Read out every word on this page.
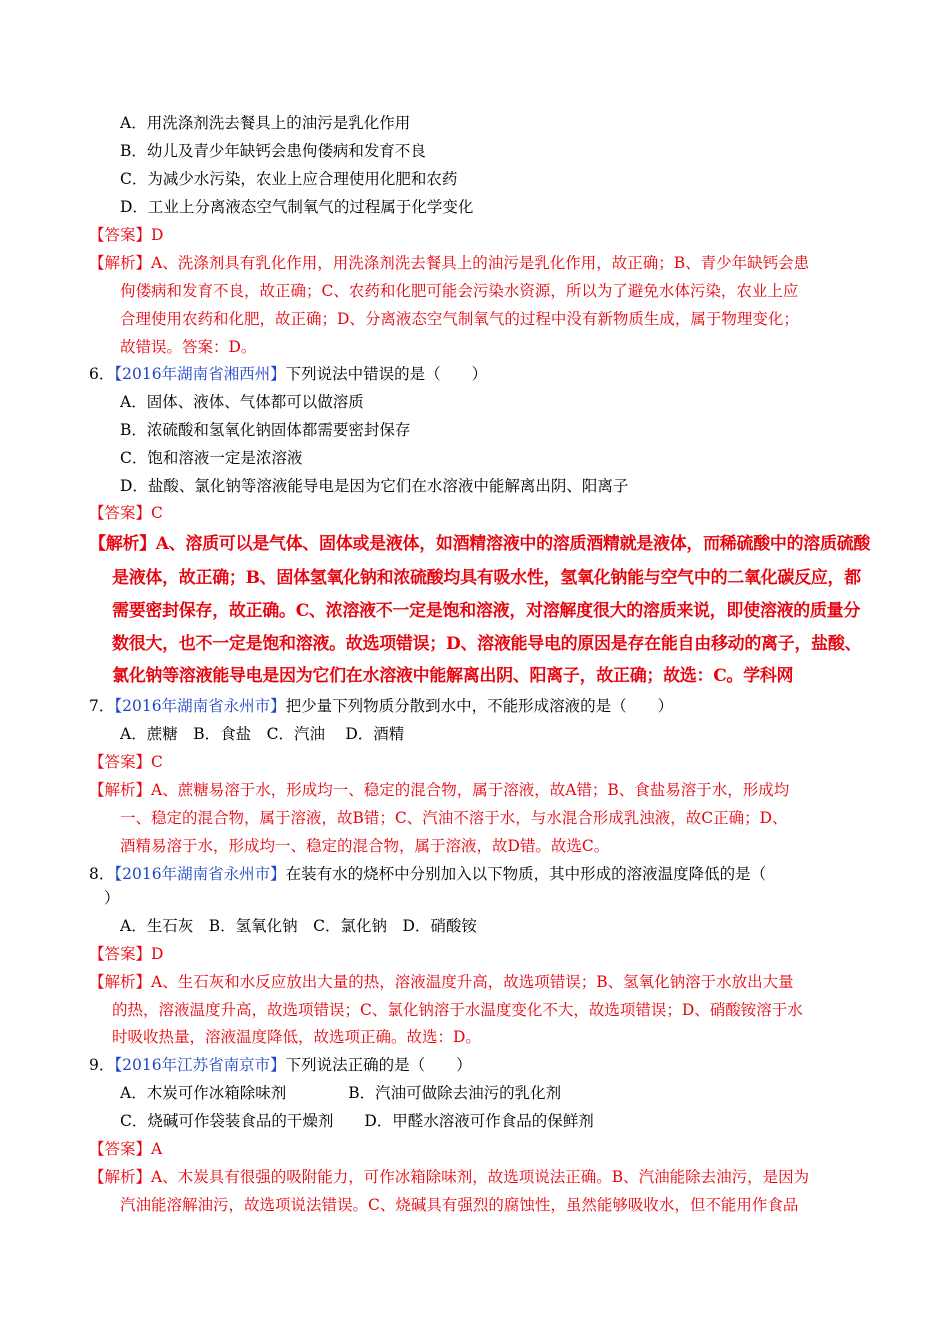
A．用洗涤剂洗去餐具上的油污是乳化作用
B．幼儿及青少年缺钙会患佝偻病和发育不良
C．为减少水污染，农业上应合理使用化肥和农药
D．工业上分离液态空气制氧气的过程属于化学变化
【答案】D
【解析】A、洗涤剂具有乳化作用，用洗涤剂洗去餐具上的油污是乳化作用，故正确；B、青少年缺钙会患
佝偻病和发育不良，故正确；C、农药和化肥可能会污染水资源，所以为了避免水体污染，农业上应
合理使用农药和化肥，故正确；D、分离液态空气制氧气的过程中没有新物质生成，属于物理变化；
故错误。答案：D。
6．【2016年湖南省湘西州】下列说法中错误的是（　　）
A．固体、液体、气体都可以做溶质
B．浓硫酸和氢氧化钠固体都需要密封保存
C．饱和溶液一定是浓溶液
D．盐酸、氯化钠等溶液能导电是因为它们在水溶液中能解离出阴、阳离子
【答案】C
【解析】A、溶质可以是气体、固体或是液体，如酒精溶液中的溶质酒精就是液体，而稀硫酸中的溶质硫酸
是液体，故正确；B、固体氢氧化钠和浓硫酸均具有吸水性，氢氧化钠能与空气中的二氧化碳反应，都
需要密封保存，故正确。C、浓溶液不一定是饱和溶液，对溶解度很大的溶质来说，即使溶液的质量分
数很大，也不一定是饱和溶液。故选项错误；D、溶液能导电的原因是存在能自由移动的离子，盐酸、
氯化钠等溶液能导电是因为它们在水溶液中能解离出阴、阳离子，故正确；故选：C。学科网
7．【2016年湖南省永州市】把少量下列物质分散到水中，不能形成溶液的是（　　）
A．蔗糖　B．食盐　C．汽油　 D．酒精
【答案】C
【解析】A、蔗糖易溶于水，形成均一、稳定的混合物，属于溶液，故A错；B、食盐易溶于水，形成均
一、稳定的混合物，属于溶液，故B错；C、汽油不溶于水，与水混合形成乳浊液，故C正确；D、
酒精易溶于水，形成均一、稳定的混合物，属于溶液，故D错。故选C。
8．【2016年湖南省永州市】在装有水的烧杯中分别加入以下物质，其中形成的溶液温度降低的是（
）
A．生石灰　B．氢氧化钠　C．氯化钠　D．硝酸铵
【答案】D
【解析】A、生石灰和水反应放出大量的热，溶液温度升高，故选项错误；B、氢氧化钠溶于水放出大量
的热，溶液温度升高，故选项错误；C、氯化钠溶于水温度变化不大，故选项错误；D、硝酸铵溶于水
时吸收热量，溶液温度降低，故选项正确。故选：D。
9．【2016年江苏省南京市】下列说法正确的是（　　）
A．木炭可作冰箱除味剂　　　　B．汽油可做除去油污的乳化剂
C．烧碱可作袋装食品的干燥剂　　D．甲醛水溶液可作食品的保鲜剂
【答案】A
【解析】A、木炭具有很强的吸附能力，可作冰箱除味剂，故选项说法正确。B、汽油能除去油污，是因为
汽油能溶解油污，故选项说法错误。C、烧碱具有强烈的腐蚀性，虽然能够吸收水，但不能用作食品
